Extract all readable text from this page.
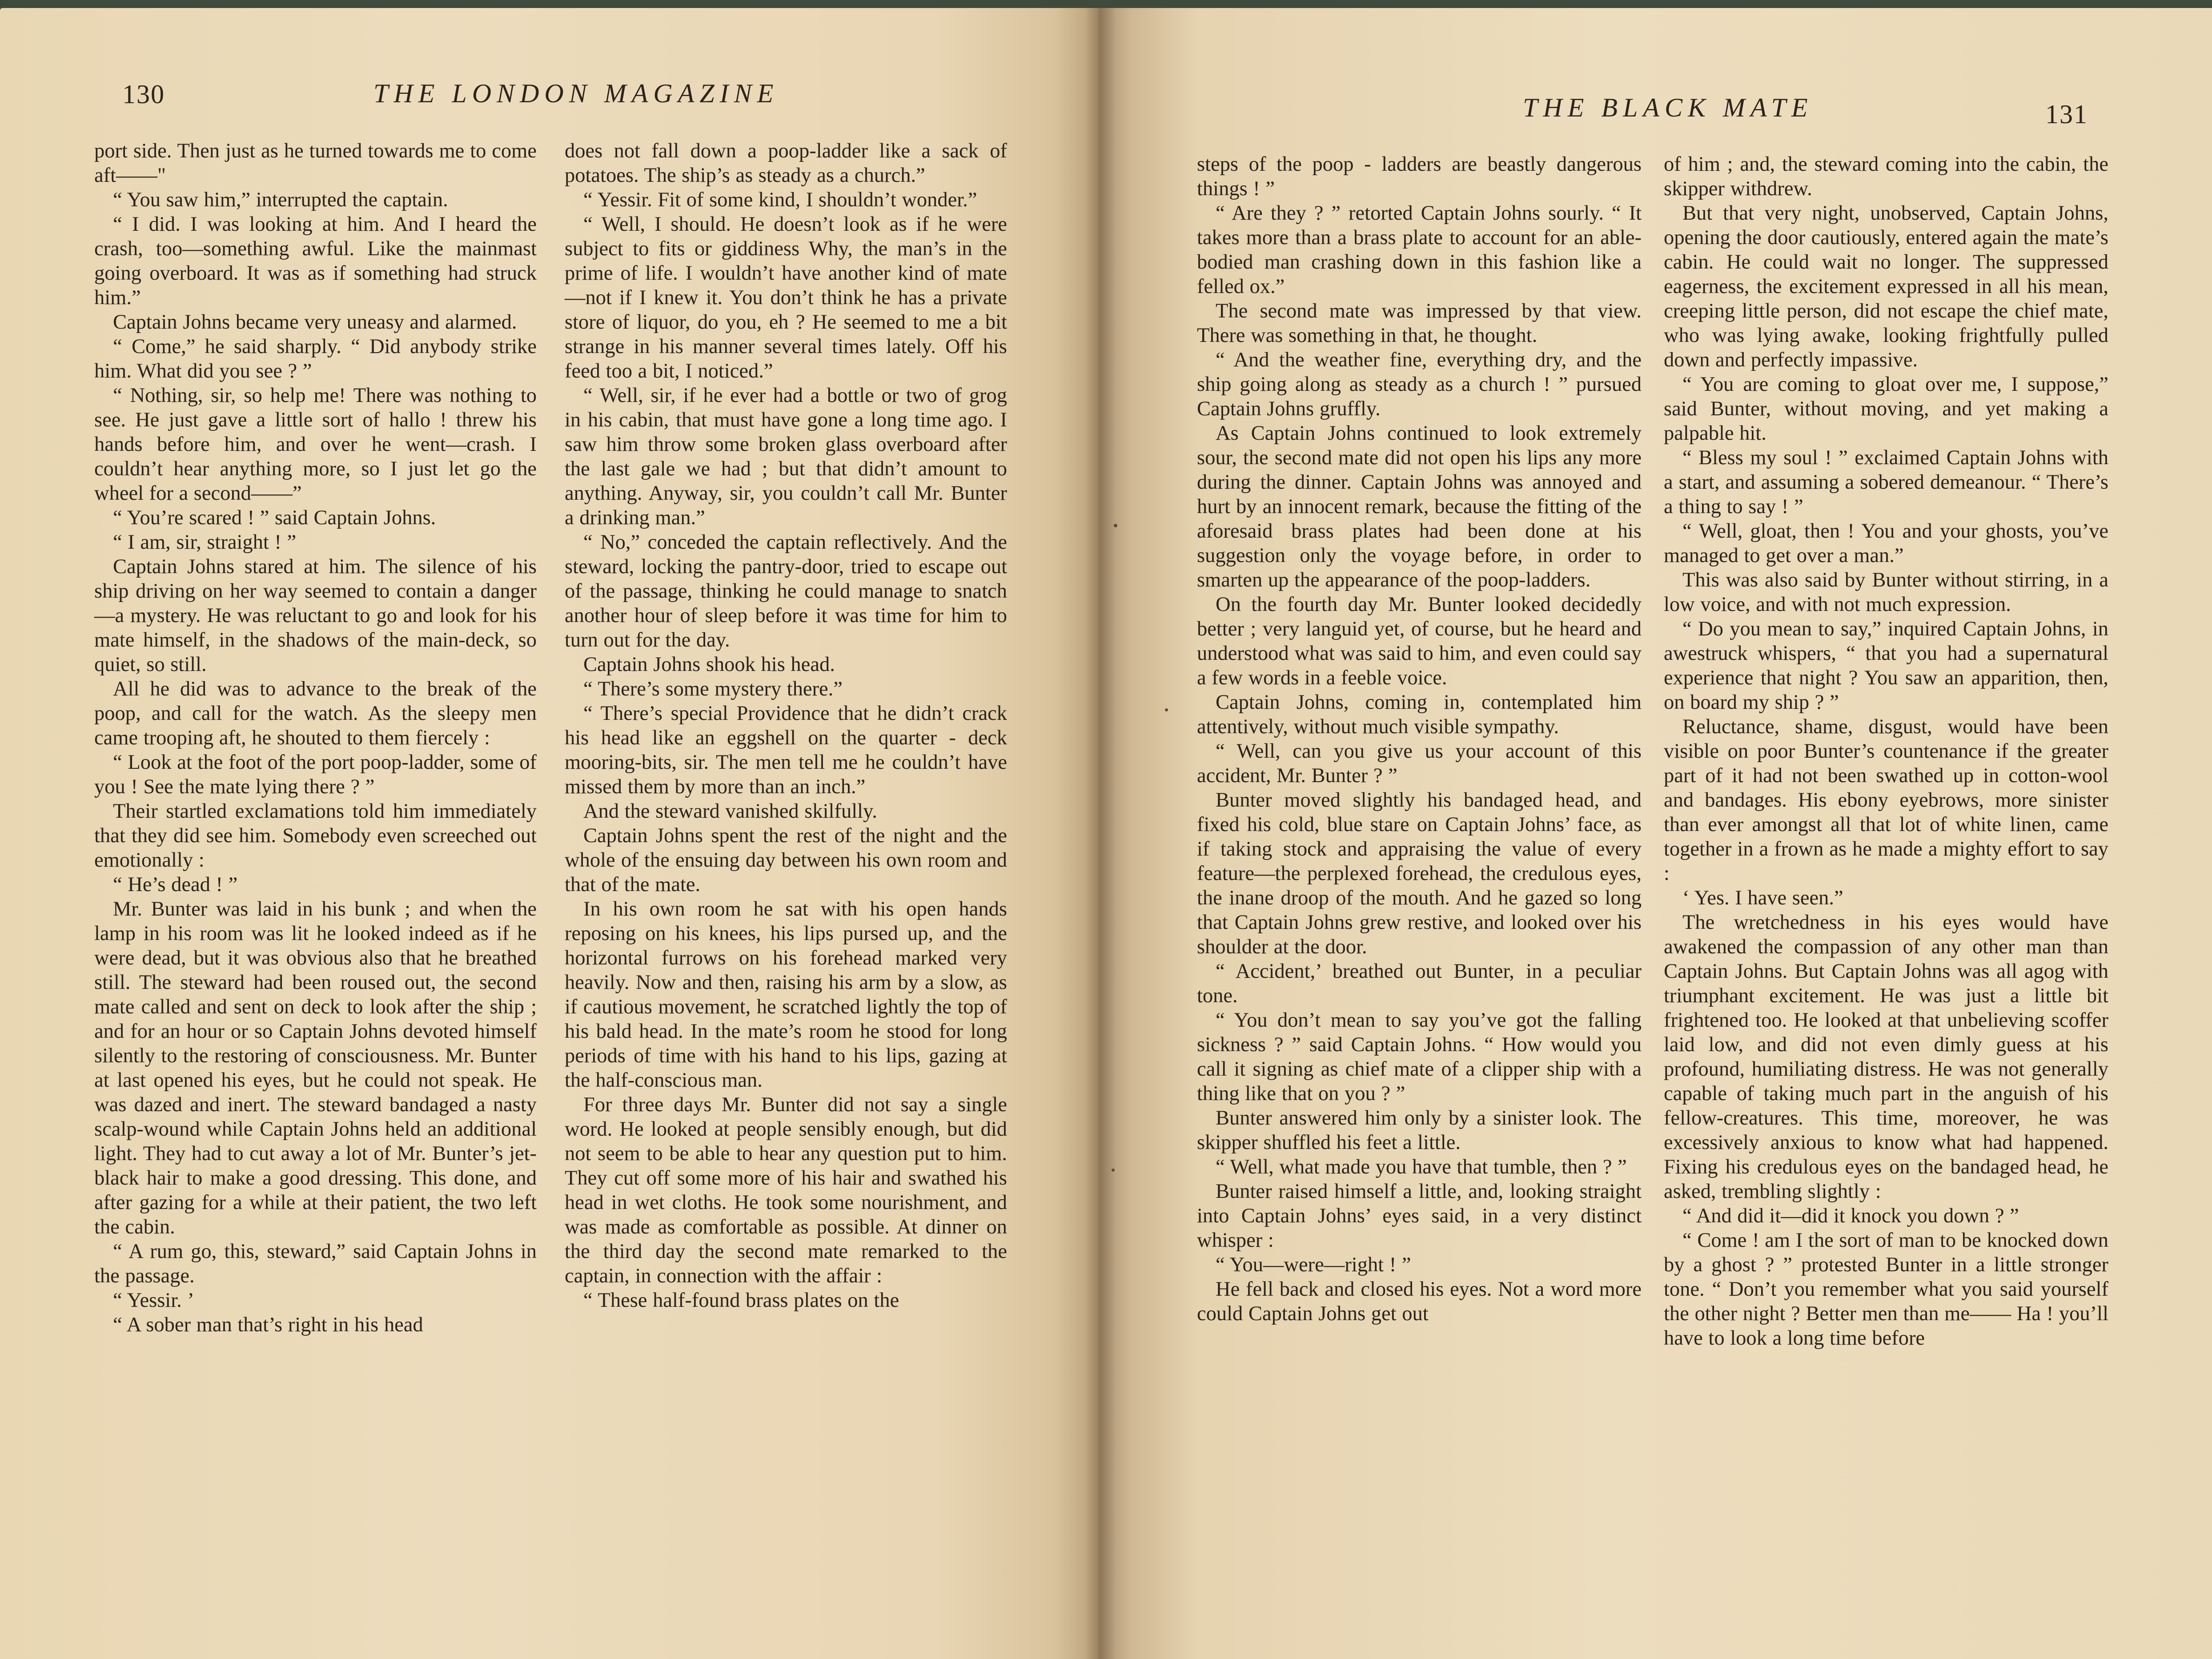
130	THE LONDON MAGAZINE

port side. Then just as he turned towards me to come aft——"

“ You saw him,” interrupted the captain.

“ I did. I was looking at him. And I heard the crash, too—something awful. Like the mainmast going overboard. It was as if something had struck him.”

Captain Johns became very uneasy and alarmed.

“ Come,” he said sharply. “ Did anybody strike him. What did you see ? ”

“ Nothing, sir, so help me! There was nothing to see. He just gave a little sort of hallo ! threw his hands before him, and over he went—crash. I couldn’t hear anything more, so I just let go the wheel for a second——”

“ You’re scared ! ” said Captain Johns.

“ I am, sir, straight ! ”

Captain Johns stared at him. The silence of his ship driving on her way seemed to contain a danger—a mystery. He was reluctant to go and look for his mate himself, in the shadows of the main-deck, so quiet, so still.

All he did was to advance to the break of the poop, and call for the watch. As the sleepy men came trooping aft, he shouted to them fiercely :

“ Look at the foot of the port poop-ladder, some of you ! See the mate lying there ? ”

Their startled exclamations told him immediately that they did see him. Somebody even screeched out emotionally :

“ He’s dead ! ”

Mr. Bunter was laid in his bunk ; and when the lamp in his room was lit he looked indeed as if he were dead, but it was obvious also that he breathed still. The steward had been roused out, the second mate called and sent on deck to look after the ship ; and for an hour or so Captain Johns devoted himself silently to the restoring of consciousness. Mr. Bunter at last opened his eyes, but he could not speak. He was dazed and inert. The steward bandaged a nasty scalp-wound while Captain Johns held an additional light. They had to cut away a lot of Mr. Bunter’s jet-black hair to make a good dressing. This done, and after gazing for a while at their patient, the two left the cabin.

“ A rum go, this, steward,” said Captain Johns in the passage.

“ Yessir. ’

“ A sober man that’s right in his head

does not fall down a poop-ladder like a sack of potatoes. The ship’s as steady as a church.”

“ Yessir. Fit of some kind, I shouldn’t wonder.”

“ Well, I should. He doesn’t look as if he were subject to fits or giddiness Why, the man’s in the prime of life. I wouldn’t have another kind of mate—not if I knew it. You don’t think he has a private store of liquor, do you, eh ? He seemed to me a bit strange in his manner several times lately. Off his feed too a bit, I noticed.”

“ Well, sir, if he ever had a bottle or two of grog in his cabin, that must have gone a long time ago. I saw him throw some broken glass overboard after the last gale we had ; but that didn’t amount to anything. Anyway, sir, you couldn’t call Mr. Bunter a drinking man.”

“ No,” conceded the captain reflectively. And the steward, locking the pantry-door, tried to escape out of the passage, thinking he could manage to snatch another hour of sleep before it was time for him to turn out for the day.

Captain Johns shook his head.

“ There’s some mystery there.”

“ There’s special Providence that he didn’t crack his head like an eggshell on the quarter - deck mooring-bits, sir. The men tell me he couldn’t have missed them by more than an inch.”

And the steward vanished skilfully.

Captain Johns spent the rest of the night and the whole of the ensuing day between his own room and that of the mate.

In his own room he sat with his open hands reposing on his knees, his lips pursed up, and the horizontal furrows on his forehead marked very heavily. Now and then, raising his arm by a slow, as if cautious movement, he scratched lightly the top of his bald head. In the mate’s room he stood for long periods of time with his hand to his lips, gazing at the half-conscious man.

For three days Mr. Bunter did not say a single word. He looked at people sensibly enough, but did not seem to be able to hear any question put to him. They cut off some more of his hair and swathed his head in wet cloths. He took some nourishment, and was made as comfortable as possible. At dinner on the third day the second mate remarked to the captain, in connection with the affair :

“ These half-found brass plates on the

THE BLACK MATE	131

steps of the poop - ladders are beastly dangerous things ! ”

“ Are they ? ” retorted Captain Johns sourly. “ It takes more than a brass plate to account for an able-bodied man crashing down in this fashion like a felled ox.”

The second mate was impressed by that view. There was something in that, he thought.

“ And the weather fine, everything dry, and the ship going along as steady as a church ! ” pursued Captain Johns gruffly.

As Captain Johns continued to look extremely sour, the second mate did not open his lips any more during the dinner. Captain Johns was annoyed and hurt by an innocent remark, because the fitting of the aforesaid brass plates had been done at his suggestion only the voyage before, in order to smarten up the appearance of the poop-ladders.

On the fourth day Mr. Bunter looked decidedly better ; very languid yet, of course, but he heard and understood what was said to him, and even could say a few words in a feeble voice.

Captain Johns, coming in, contemplated him attentively, without much visible sympathy.

“ Well, can you give us your account of this accident, Mr. Bunter ? ”

Bunter moved slightly his bandaged head, and fixed his cold, blue stare on Captain Johns’ face, as if taking stock and appraising the value of every feature—the perplexed forehead, the credulous eyes, the inane droop of the mouth. And he gazed so long that Captain Johns grew restive, and looked over his shoulder at the door.

“ Accident,’ breathed out Bunter, in a peculiar tone.

“ You don’t mean to say you’ve got the falling sickness ? ” said Captain Johns. “ How would you call it signing as chief mate of a clipper ship with a thing like that on you ? ”

Bunter answered him only by a sinister look. The skipper shuffled his feet a little.

“ Well, what made you have that tumble, then ? ”

Bunter raised himself a little, and, looking straight into Captain Johns’ eyes said, in a very distinct whisper :

“ You—were—right ! ”

He fell back and closed his eyes. Not a word more could Captain Johns get out

of him ; and, the steward coming into the cabin, the skipper withdrew.

But that very night, unobserved, Captain Johns, opening the door cautiously, entered again the mate’s cabin. He could wait no longer. The suppressed eagerness, the excitement expressed in all his mean, creeping little person, did not escape the chief mate, who was lying awake, looking frightfully pulled down and perfectly impassive.

“ You are coming to gloat over me, I suppose,” said Bunter, without moving, and yet making a palpable hit.

“ Bless my soul ! ” exclaimed Captain Johns with a start, and assuming a sobered demeanour. “ There’s a thing to say ! ”

“ Well, gloat, then ! You and your ghosts, you’ve managed to get over a man.”

This was also said by Bunter without stirring, in a low voice, and with not much expression.

“ Do you mean to say,” inquired Captain Johns, in awestruck whispers, “ that you had a supernatural experience that night ? You saw an apparition, then, on board my ship ? ”

Reluctance, shame, disgust, would have been visible on poor Bunter’s countenance if the greater part of it had not been swathed up in cotton-wool and bandages. His ebony eyebrows, more sinister than ever amongst all that lot of white linen, came together in a frown as he made a mighty effort to say :

‘ Yes. I have seen.”

The wretchedness in his eyes would have awakened the compassion of any other man than Captain Johns. But Captain Johns was all agog with triumphant excitement. He was just a little bit frightened too. He looked at that unbelieving scoffer laid low, and did not even dimly guess at his profound, humiliating distress. He was not generally capable of taking much part in the anguish of his fellow-creatures. This time, moreover, he was excessively anxious to know what had happened. Fixing his credulous eyes on the bandaged head, he asked, trembling slightly :

“ And did it—did it knock you down ? ”

“ Come ! am I the sort of man to be knocked down by a ghost ? ” protested Bunter in a little stronger tone. “ Don’t you remember what you said yourself the other night ? Better men than me—— Ha ! you’ll have to look a long time before
